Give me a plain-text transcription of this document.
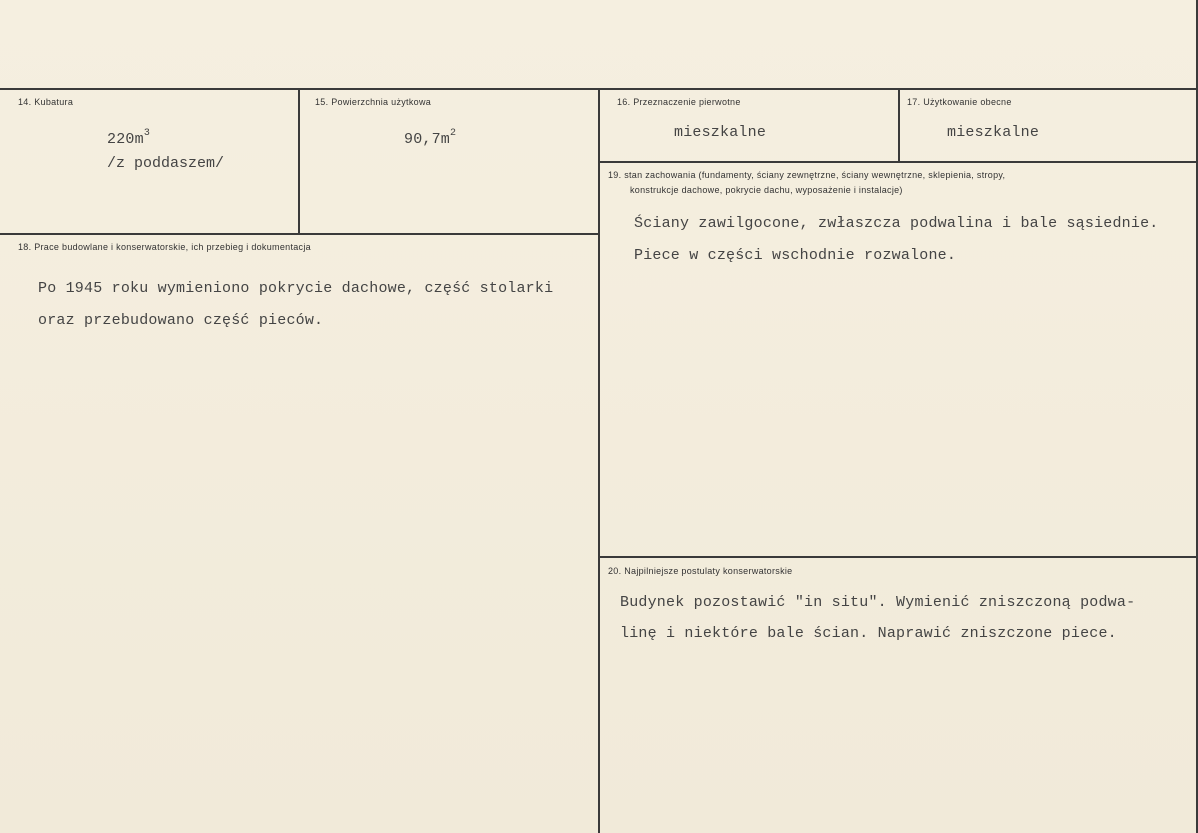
14. Kubatura
$220m^3$
/z poddaszem/
15. Powierzchnia użytkowa
$90,7m^2$
16. Przeznaczenie pierwotne
mieszkalne
17. Użytkowanie obecne
mieszkalne
18. Prace budowlane i konserwatorskie, ich przebieg i dokumentacja
Po 1945 roku wymieniono pokrycie dachowe, część stolarki
oraz przebudowano część pieców.
19. stan zachowania (fundamenty, ściany zewnętrzne, ściany wewnętrzne, sklepienia, stropy,
konstrukcje dachowe, pokrycie dachu, wyposażenie i instalacje)
Ściany zawilgocone, zwłaszcza podwalina i bale sąsiednie.
Piece w części wschodnie rozwalone.
20. Najpilniejsze postulaty konserwatorskie
Budynek pozostawić "in situ". Wymienić zniszczoną podwa-
linę i niektóre bale ścian. Naprawić zniszczone piece.
